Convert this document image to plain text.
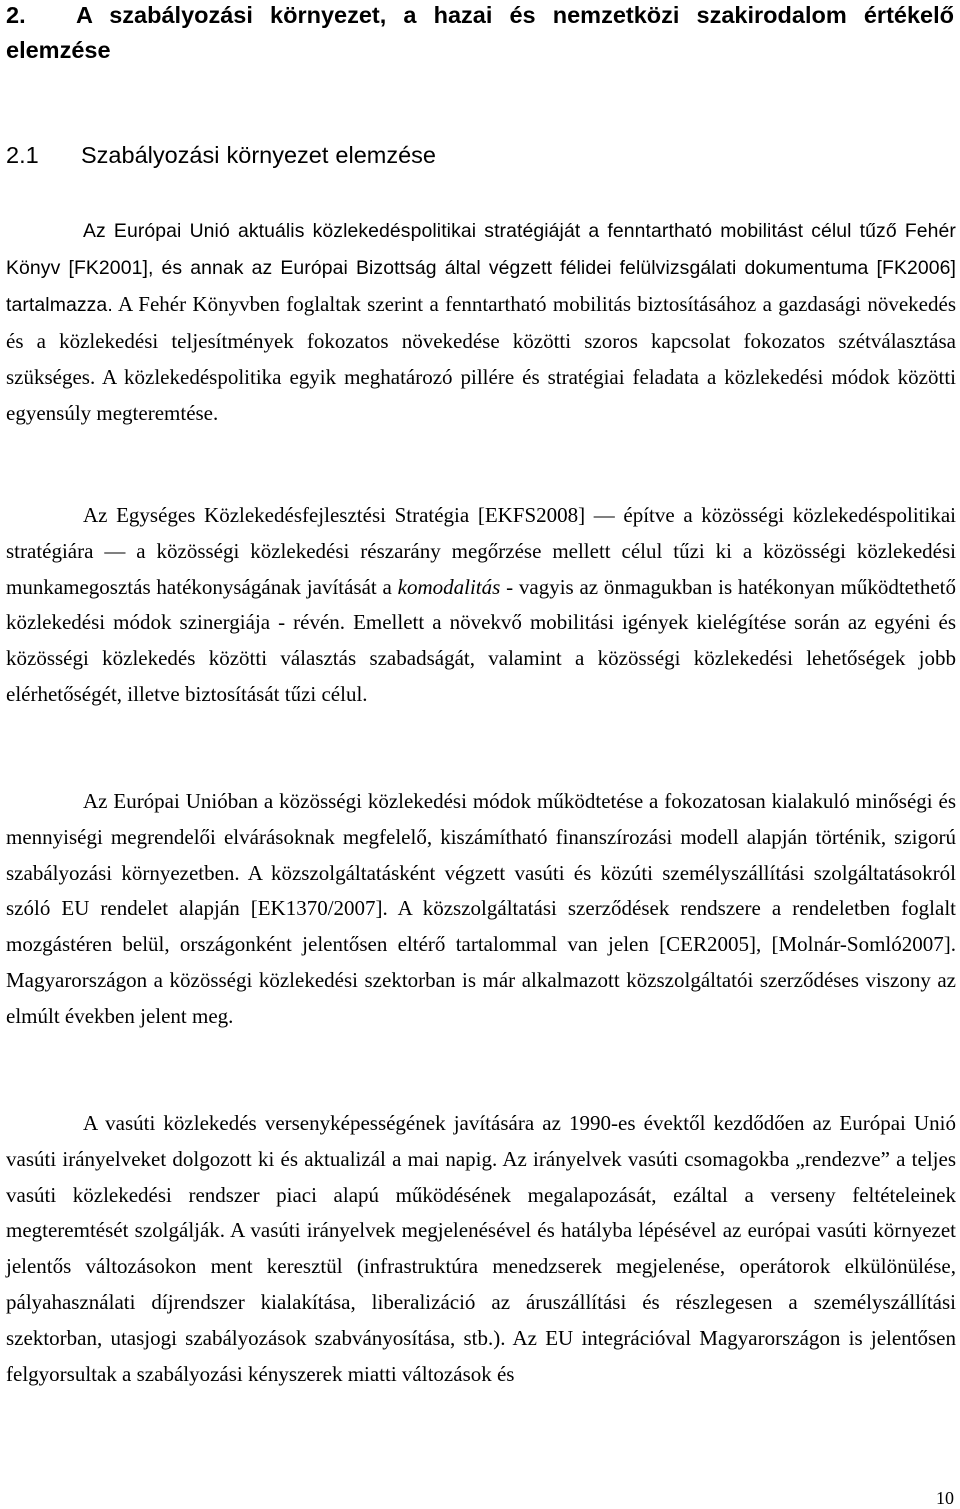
2. A szabályozási környezet, a hazai és nemzetközi szakirodalom értékelő elemzése
2.1 Szabályozási környezet elemzése

Az Európai Unió aktuális közlekedéspolitikai stratégiáját a fenntartható mobilitást célul tűző Fehér Könyv [FK2001], és annak az Európai Bizottság által végzett félidei felülvizsgálati dokumentuma [FK2006] tartalmazza. A Fehér Könyvben foglaltak szerint a fenntartható mobilitás biztosításához a gazdasági növekedés és a közlekedési teljesítmények fokozatos növekedése közötti szoros kapcsolat fokozatos szétválasztása szükséges. A közlekedéspolitika egyik meghatározó pillére és stratégiai feladata a közlekedési módok közötti egyensúly megteremtése.

Az Egységes Közlekedésfejlesztési Stratégia [EKFS2008] ― építve a közösségi közlekedéspolitikai stratégiára ― a közösségi közlekedési részarány megőrzése mellett célul tűzi ki a közösségi közlekedési munkamegosztás hatékonyságának javítását a komodalitás - vagyis az önmagukban is hatékonyan működtethető közlekedési módok szinergiája - révén. Emellett a növekvő mobilitási igények kielégítése során az egyéni és közösségi közlekedés közötti választás szabadságát, valamint a közösségi közlekedési lehetőségek jobb elérhetőségét, illetve biztosítását tűzi célul.

Az Európai Unióban a közösségi közlekedési módok működtetése a fokozatosan kialakuló minőségi és mennyiségi megrendelői elvárásoknak megfelelő, kiszámítható finanszírozási modell alapján történik, szigorú szabályozási környezetben. A közszolgáltatásként végzett vasúti és közúti személyszállítási szolgáltatásokról szóló EU rendelet alapján [EK1370/2007]. A közszolgáltatási szerződések rendszere a rendeletben foglalt mozgástéren belül, országonként jelentősen eltérő tartalommal van jelen [CER2005], [Molnár-Somló2007]. Magyarországon a közösségi közlekedési szektorban is már alkalmazott közszolgáltatói szerződéses viszony az elmúlt években jelent meg.

A vasúti közlekedés versenyképességének javítására az 1990-es évektől kezdődően az Európai Unió vasúti irányelveket dolgozott ki és aktualizál a mai napig. Az irányelvek vasúti csomagokba „rendezve” a teljes vasúti közlekedési rendszer piaci alapú működésének megalapozását, ezáltal a verseny feltételeinek megteremtését szolgálják. A vasúti irányelvek megjelenésével és hatályba lépésével az európai vasúti környezet jelentős változásokon ment keresztül (infrastruktúra menedzserek megjelenése, operátorok elkülönülése, pályahasználati díjrendszer kialakítása, liberalizáció az áruszállítási és részlegesen a személyszállítási szektorban, utasjogi szabályozások szabványosítása, stb.). Az EU integrációval Magyarországon is jelentősen felgyorsultak a szabályozási kényszerek miatti változások és

10
